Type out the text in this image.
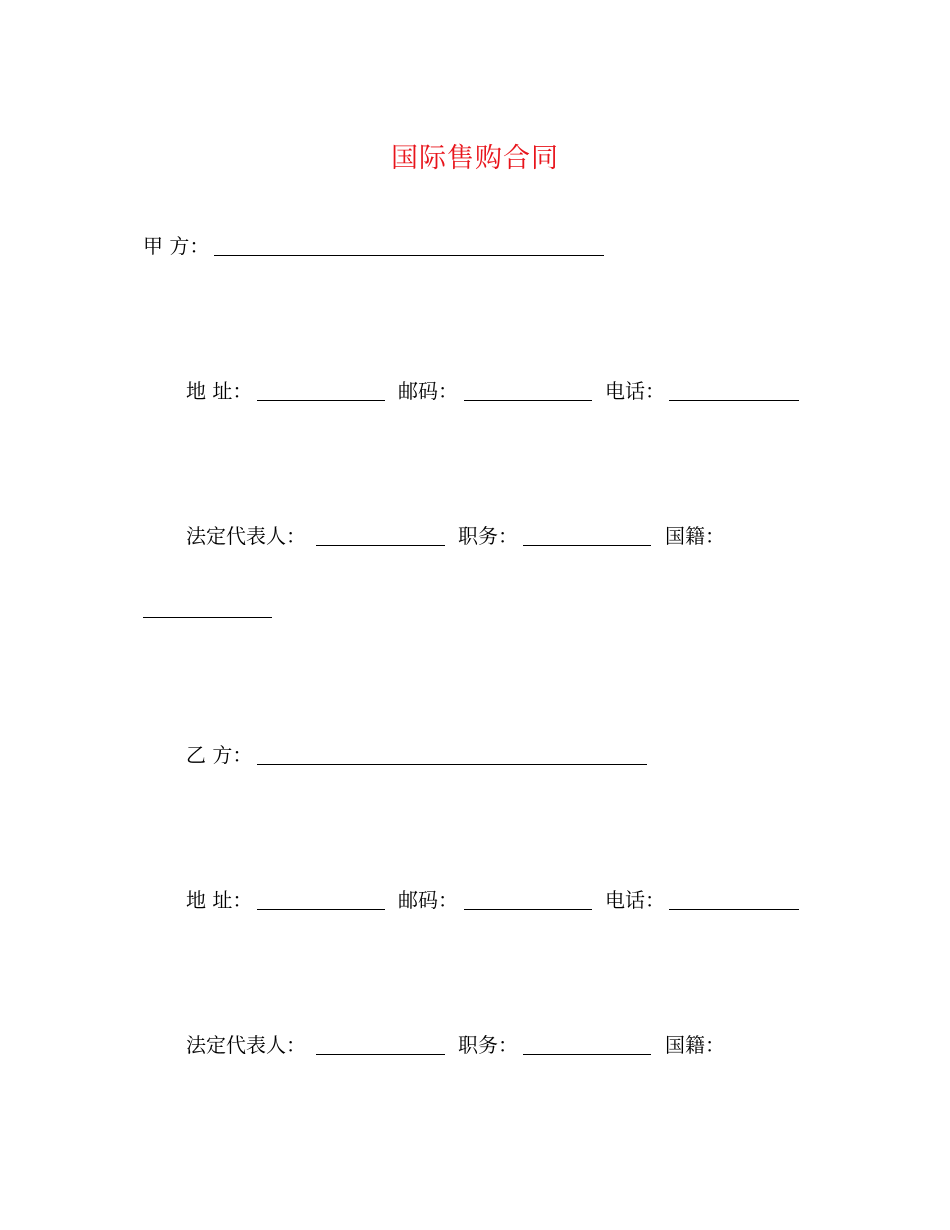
国际售购合同
甲 方：
地 址：	邮码：	电话：
法定代表人：	职务：	国籍：
乙 方：
地 址：	邮码：	电话：
法定代表人：	职务：	国籍：
